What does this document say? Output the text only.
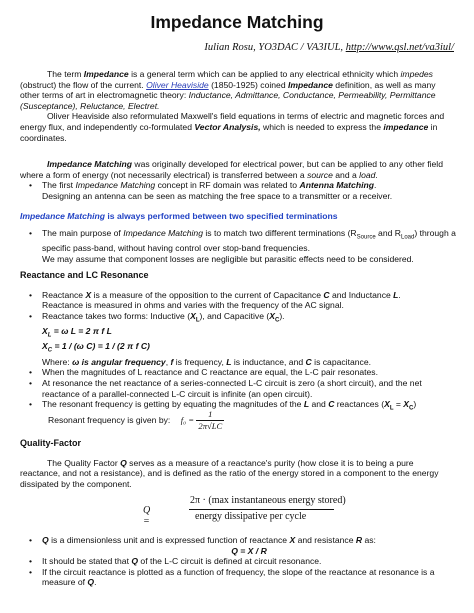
Impedance Matching
Iulian Rosu, YO3DAC / VA3IUL, http://www.qsl.net/va3iul/

The term Impedance is a general term which can be applied to any electrical ethnicity which impedes (obstruct) the flow of the current. Oliver Heaviside (1850-1925) coined Impedance definition, as well as many other terms of art in electromagnetic theory: Inductance, Admittance, Conductance, Permeability, Permittance (Susceptance), Reluctance, Electret.

Oliver Heaviside also reformulated Maxwell's field equations in terms of electric and magnetic forces and energy flux, and independently co-formulated Vector Analysis, which is needed to express the impedance in coordinates.

Impedance Matching was originally developed for electrical power, but can be applied to any other field where a form of energy (not necessarily electrical) is transferred between a source and a load.

• The first Impedance Matching concept in RF domain was related to Antenna Matching.
Designing an antenna can be seen as matching the free space to a transmitter or a receiver.

Impedance Matching is always performed between two specified terminations

• The main purpose of Impedance Matching is to match two different terminations ($R_{Source}$ and $R_{Load}$) through a specific pass-band, without having control over stop-band frequencies.
We may assume that component losses are negligible but parasitic effects need to be considered.
Reactance and LC Resonance
• Reactance X is a measure of the opposition to the current of Capacitance C and Inductance L.
Reactance is measured in ohms and varies with the frequency of the AC signal.
• Reactance takes two forms: Inductive $(X_L)$, and Capacitive $(X_C)$.
$X_L = \omega$ L = 2 π f L
$X_C = 1 / (\omega$ C) = 1 / (2 π f C)
Where: ω is angular frequency, f is frequency, L is inductance, and C is capacitance.
• When the magnitudes of L reactance and C reactance are equal, the L-C pair resonates.
• At resonance the net reactance of a series-connected L-C circuit is zero (a short circuit), and the net reactance of a parallel-connected L-C circuit is infinite (an open circuit).
• The resonant frequency is getting by equating the magnitudes of the L and C reactances $(X_L = X_C)$
Resonant frequency is given by: $f_0 = \frac{1}{2\pi√LC}$
Quality-Factor

The Quality Factor Q serves as a measure of a reactance's purity (how close it is to being a pure reactance, and not a resistance), and is defined as the ratio of the energy stored in a component to the energy dissipated by the component.

Q =
2π · (max instantaneous energy stored)
energy dissipative per cycle
• Q is a dimensionless unit and is expressed function of reactance X and resistance R as:

Q = X / R
• It should be stated that Q of the L-C circuit is defined at circuit resonance.
• If the circuit reactance is plotted as a function of frequency, the slope of the reactance at resonance is a measure of Q.
